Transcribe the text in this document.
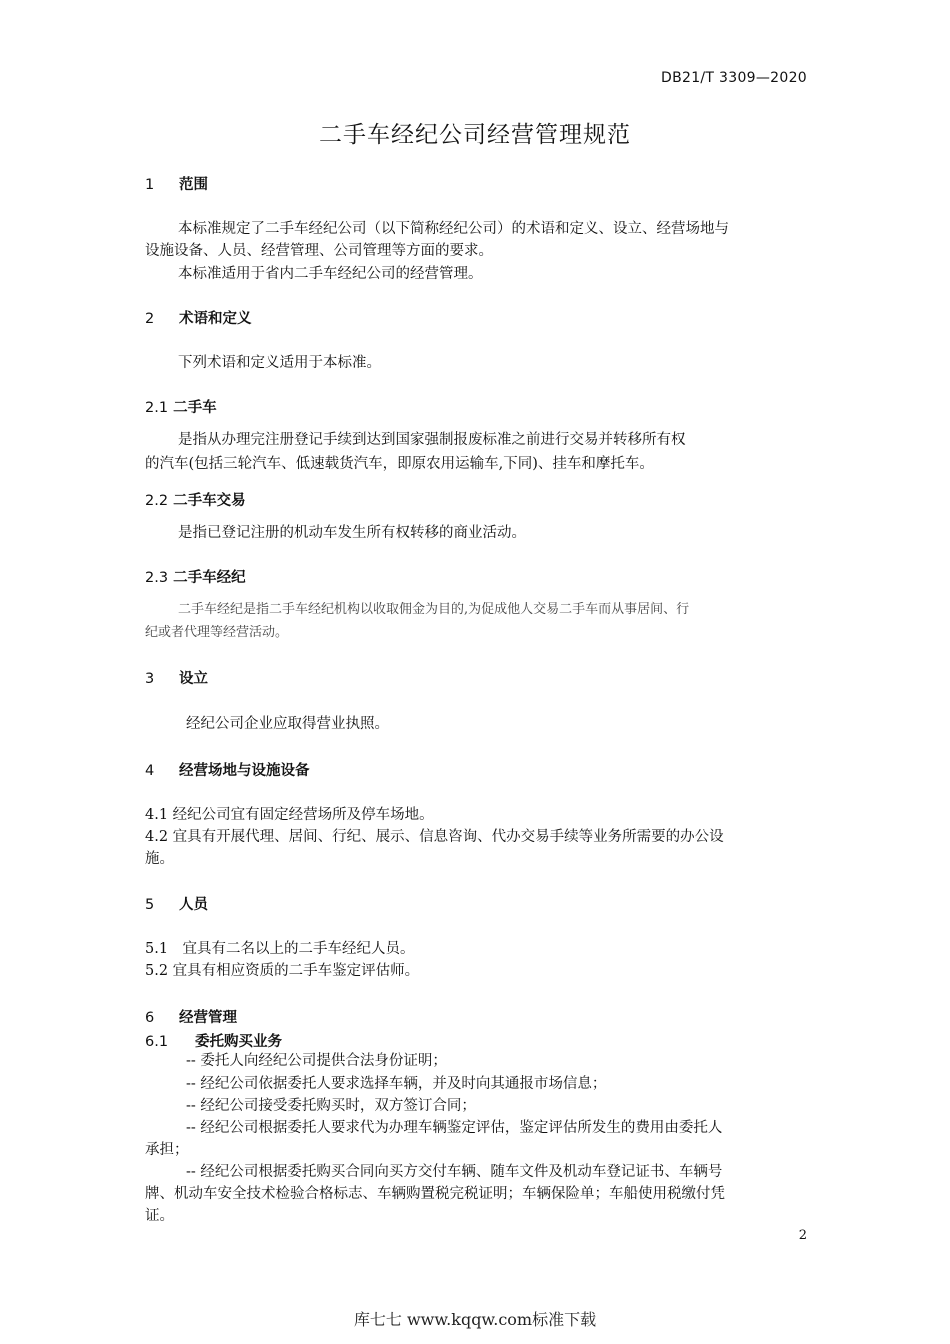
DB21/T 3309—2020
二手车经纪公司经营管理规范
1 范围
本标准规定了二手车经纪公司（以下简称经纪公司）的术语和定义、设立、经营场地与
设施设备、人员、经营管理、公司管理等方面的要求。
本标准适用于省内二手车经纪公司的经营管理。
2 术语和定义
下列术语和定义适用于本标准。
2.1 二手车
是指从办理完注册登记手续到达到国家强制报废标准之前进行交易并转移所有权
的汽车(包括三轮汽车、低速载货汽车，即原农用运输车,下同)、挂车和摩托车。
2.2 二手车交易
是指已登记注册的机动车发生所有权转移的商业活动。
2.3 二手车经纪
二手车经纪是指二手车经纪机构以收取佣金为目的,为促成他人交易二手车而从事居间、行
纪或者代理等经营活动。
3 设立
经纪公司企业应取得营业执照。
4 经营场地与设施设备
4.1 经纪公司宜有固定经营场所及停车场地。
4.2 宜具有开展代理、居间、行纪、展示、信息咨询、代办交易手续等业务所需要的办公设
施。
5 人员
5.1　宜具有二名以上的二手车经纪人员。
5.2 宜具有相应资质的二手车鉴定评估师。
6 经营管理
6.1 委托购买业务
-- 委托人向经纪公司提供合法身份证明；
-- 经纪公司依据委托人要求选择车辆，并及时向其通报市场信息；
-- 经纪公司接受委托购买时，双方签订合同；
-- 经纪公司根据委托人要求代为办理车辆鉴定评估，鉴定评估所发生的费用由委托人
承担；
-- 经纪公司根据委托购买合同向买方交付车辆、随车文件及机动车登记证书、车辆号
牌、机动车安全技术检验合格标志、车辆购置税完税证明；车辆保险单；车船使用税缴付凭
证。
2
库七七 www.kqqw.com标准下载
